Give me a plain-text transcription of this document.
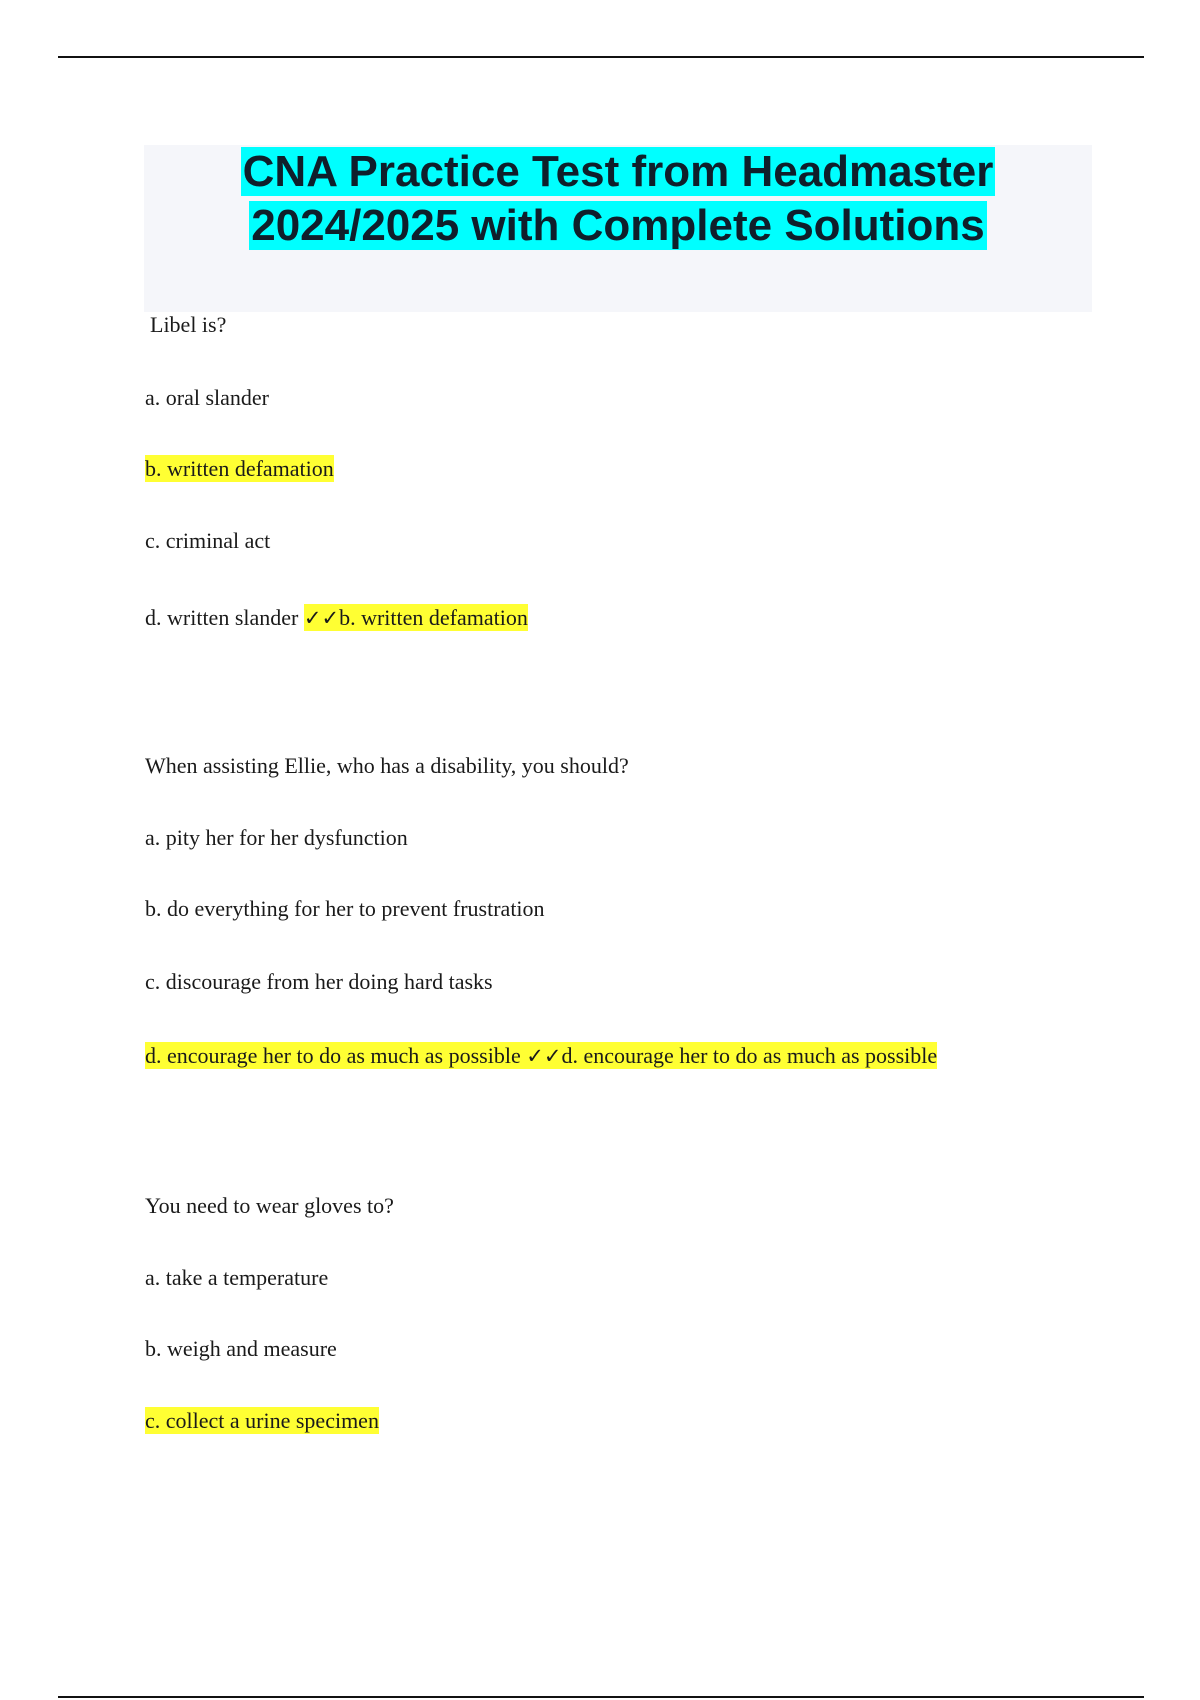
CNA Practice Test from Headmaster

2024/2025 with Complete Solutions

Libel is?
a. oral slander
b. written defamation
c. criminal act
d. written slander ✓✓b. written defamation
When assisting Ellie, who has a disability, you should?
a. pity her for her dysfunction
b. do everything for her to prevent frustration
c. discourage from her doing hard tasks
d. encourage her to do as much as possible ✓✓d. encourage her to do as much as possible
You need to wear gloves to?
a. take a temperature
b. weigh and measure
c. collect a urine specimen
